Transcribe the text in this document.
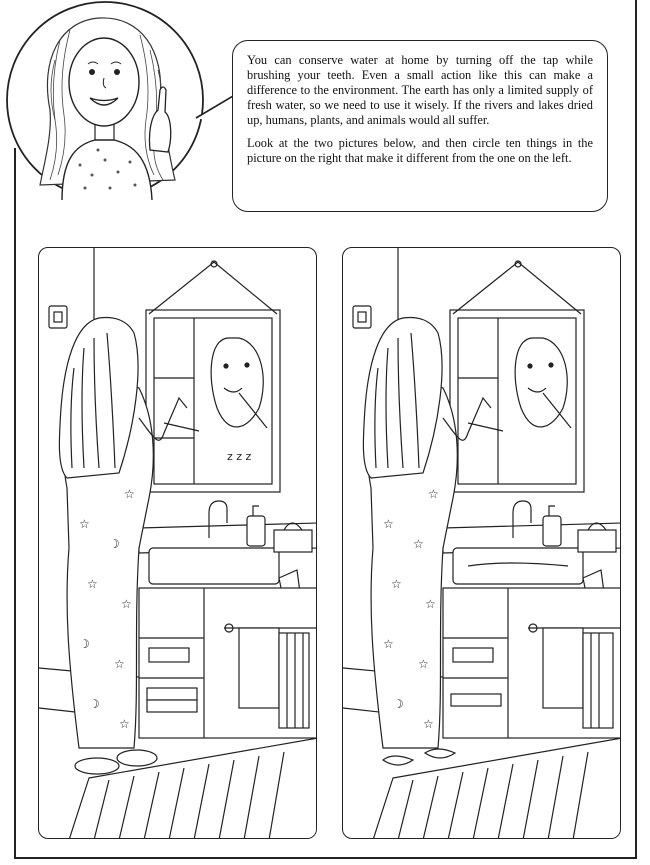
You can conserve water at home by turning off the tap while brushing your teeth. Even a small action like this can make a difference to the environment. The earth has only a limited supply of fresh water, so we need to use it wisely. If the rivers and lakes dried up, humans, plants, and animals would all suffer.

Look at the two pictures below, and then circle ten things in the picture on the right that make it different from the one on the left.

☆
☽
☆
☆
☽
☆
☽
☆
☆
z z z
☆
☆
☆
☆
☆
☆
☽
☆
☆
